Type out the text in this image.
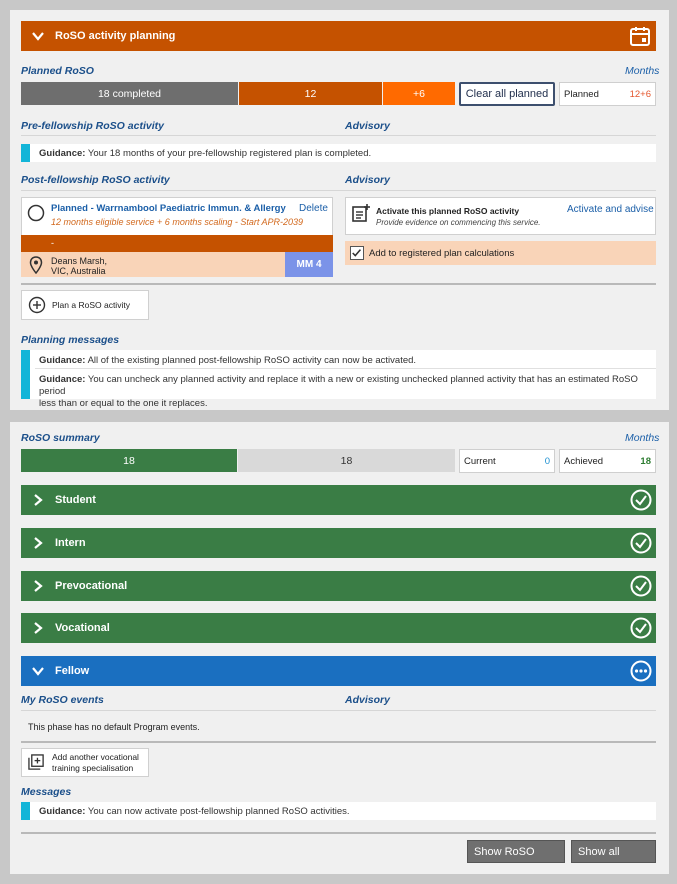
RoSO activity planning
Planned RoSO	Months
18 completed	12	+6	Clear all planned	Planned	12+6
Pre-fellowship RoSO activity	Advisory
Guidance: Your 18 months of your pre-fellowship registered plan is completed.
Post-fellowship RoSO activity	Advisory
Planned - Warrnambool Paediatric Immun. & Allergy Delete
12 months eligible service + 6 months scaling - Start APR-2039
-
Deans Marsh,
VIC, Australia
MM 4
Activate this planned RoSO activity
Provide evidence on commencing this service.
Activate and advise
Add to registered plan calculations
Plan a RoSO activity
Planning messages
Guidance: All of the existing planned post-fellowship RoSO activity can now be activated.
Guidance: You can uncheck any planned activity and replace it with a new or existing unchecked planned activity that has an estimated RoSO period
less than or equal to the one it replaces.
RoSO summary	Months
18	18	Current	0 Achieved	18
Student
Intern
Prevocational
Vocational
Fellow
My RoSO events	Advisory
This phase has no default Program events.
Add another vocational
training specialisation
Messages
Guidance: You can now activate post-fellowship planned RoSO activities.
Show RoSO	Show all
